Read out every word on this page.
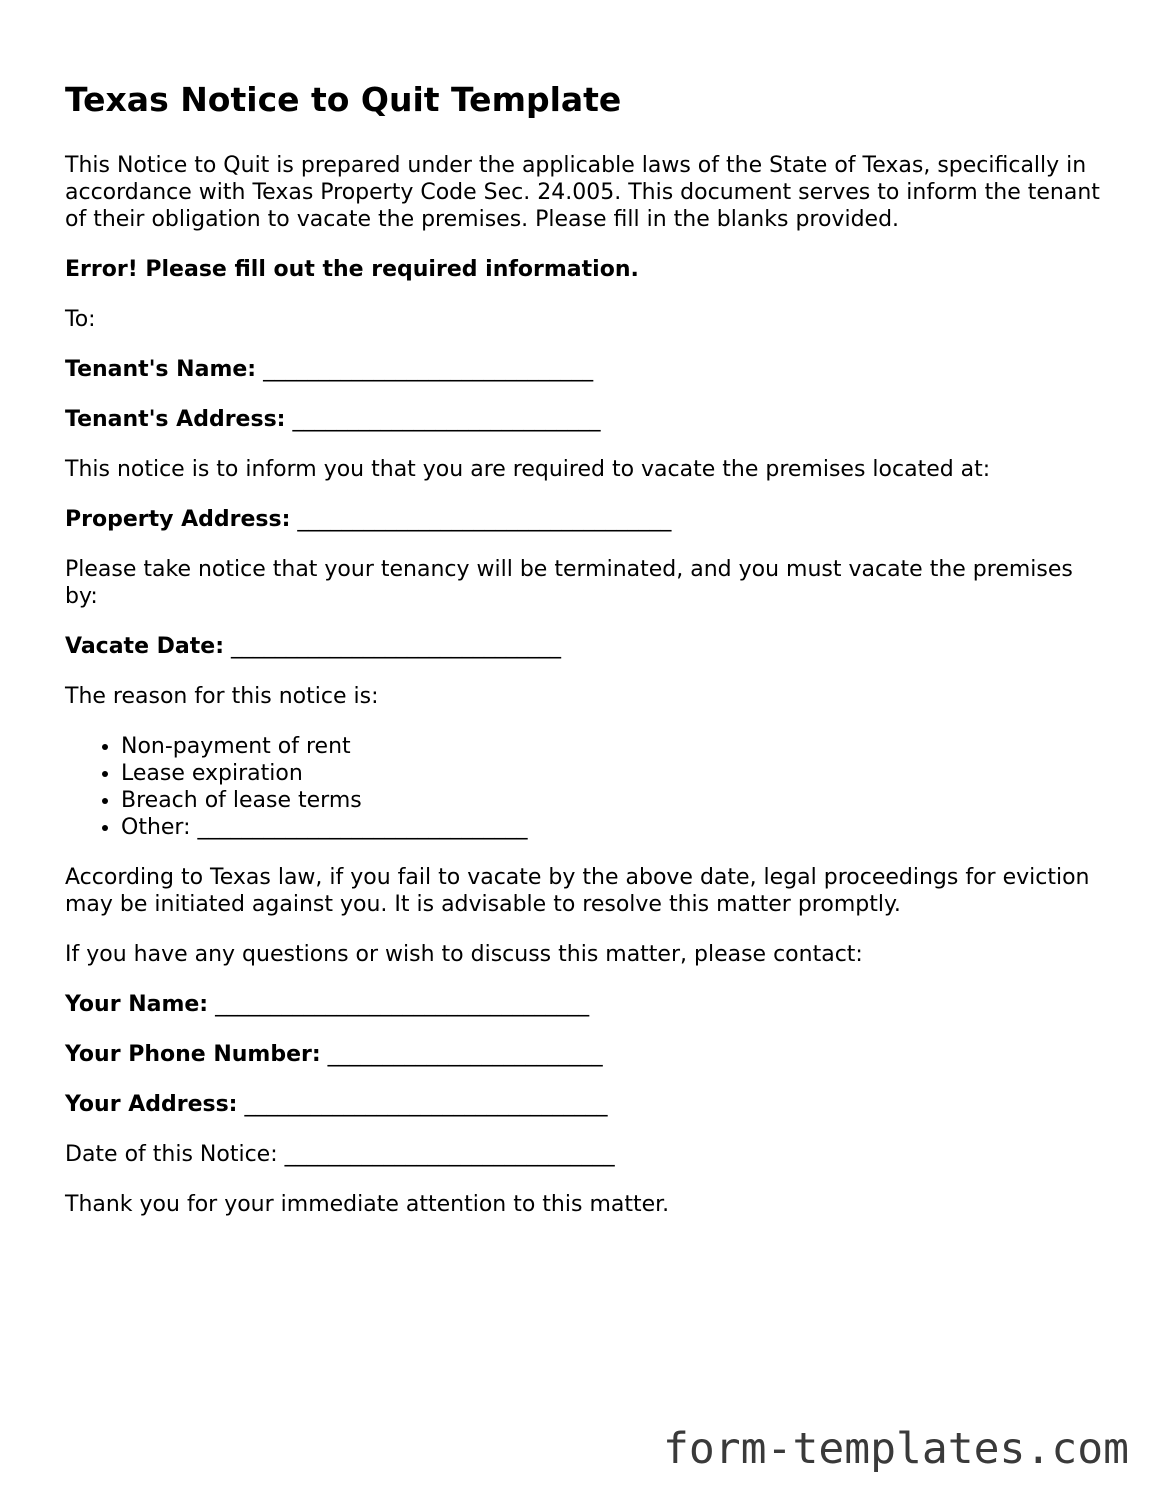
Texas Notice to Quit Template

This Notice to Quit is prepared under the applicable laws of the State of Texas, specifically in accordance with Texas Property Code Sec. 24.005. This document serves to inform the tenant of their obligation to vacate the premises. Please fill in the blanks provided.

Error! Please fill out the required information.

To:

Tenant's Name: ______________________________

Tenant's Address: ____________________________

This notice is to inform you that you are required to vacate the premises located at:

Property Address: __________________________________

Please take notice that your tenancy will be terminated, and you must vacate the premises by:

Vacate Date: ______________________________

The reason for this notice is:

• Non-payment of rent
• Lease expiration
• Breach of lease terms
• Other: ______________________________

According to Texas law, if you fail to vacate by the above date, legal proceedings for eviction may be initiated against you. It is advisable to resolve this matter promptly.

If you have any questions or wish to discuss this matter, please contact:

Your Name: __________________________________

Your Phone Number: _________________________

Your Address: _________________________________

Date of this Notice: ______________________________

Thank you for your immediate attention to this matter.

form-templates.com
